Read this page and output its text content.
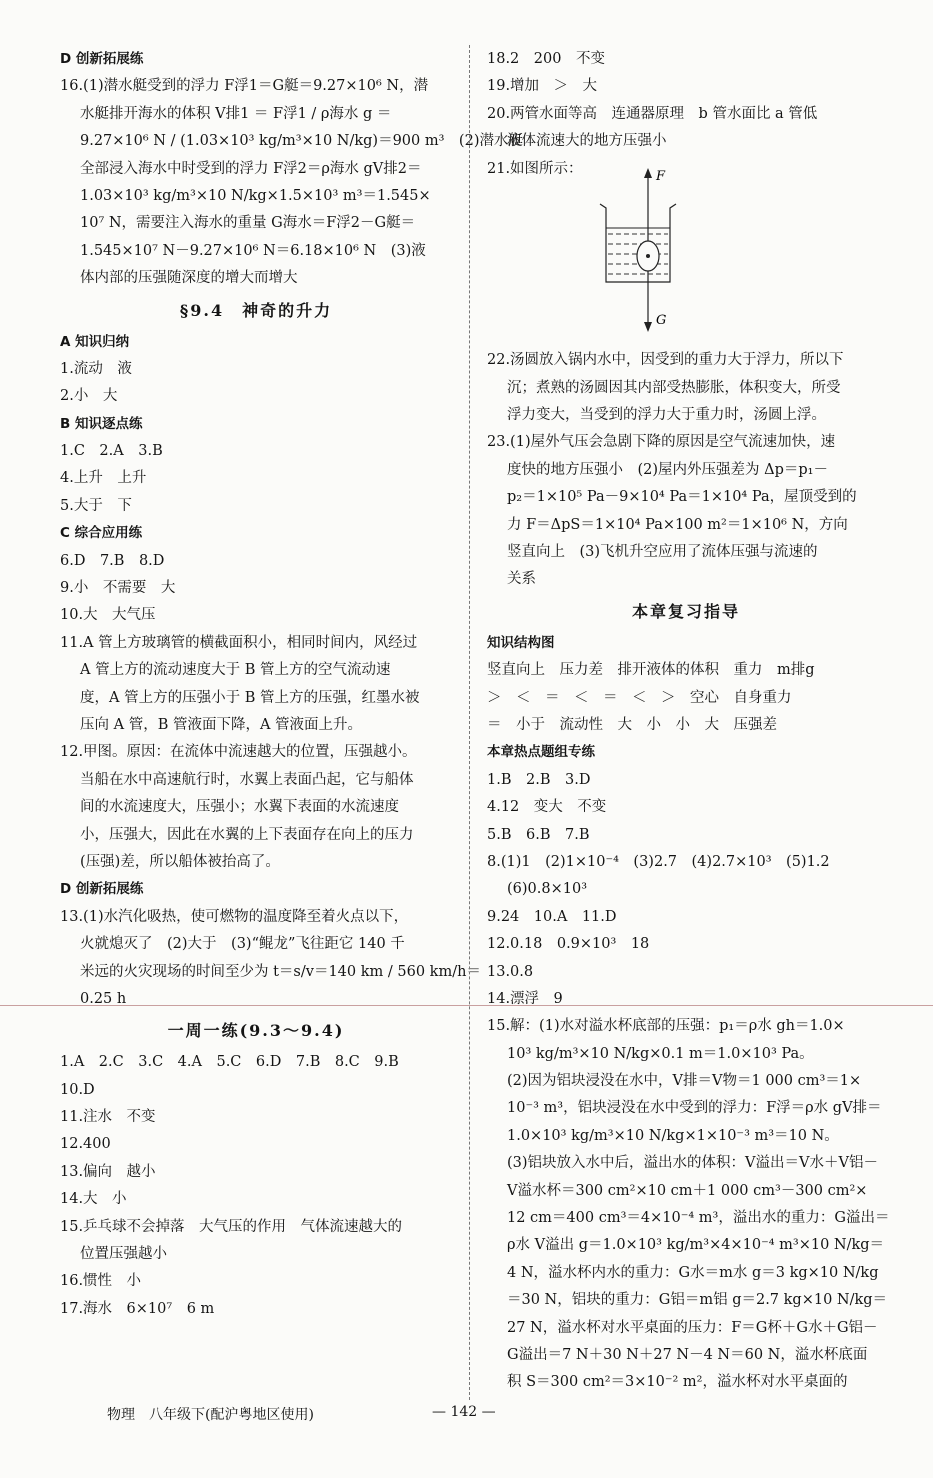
D 创新拓展练
16.(1)潜水艇受到的浮力 F浮1＝G艇＝9.27×10⁶ N，潜
水艇排开海水的体积 V排1 ＝ F浮1 / ρ海水 g ＝
9.27×10⁶ N / (1.03×10³ kg/m³×10 N/kg)＝900 m³　(2)潜水艇
全部浸入海水中时受到的浮力 F浮2＝ρ海水 gV排2＝
1.03×10³ kg/m³×10 N/kg×1.5×10³ m³＝1.545×
10⁷ N，需要注入海水的重量 G海水＝F浮2－G艇＝
1.545×10⁷ N－9.27×10⁶ N＝6.18×10⁶ N　(3)液
体内部的压强随深度的增大而增大
§9.4　神奇的升力
A 知识归纳
1.流动　液
2.小　大
B 知识逐点练
1.C　2.A　3.B
4.上升　上升
5.大于　下
C 综合应用练
6.D　7.B　8.D
9.小　不需要　大
10.大　大气压
11.A 管上方玻璃管的横截面积小，相同时间内，风经过
A 管上方的流动速度大于 B 管上方的空气流动速
度，A 管上方的压强小于 B 管上方的压强，红墨水被
压向 A 管，B 管液面下降，A 管液面上升。
12.甲图。原因：在流体中流速越大的位置，压强越小。
当船在水中高速航行时，水翼上表面凸起，它与船体
间的水流速度大，压强小；水翼下表面的水流速度
小，压强大，因此在水翼的上下表面存在向上的压力
(压强)差，所以船体被抬高了。
D 创新拓展练
13.(1)水汽化吸热，使可燃物的温度降至着火点以下，
火就熄灭了　(2)大于　(3)“鲲龙”飞往距它 140 千
米远的火灾现场的时间至少为 t＝s/v＝140 km / 560 km/h＝
0.25 h
一周一练(9.3～9.4)
1.A　2.C　3.C　4.A　5.C　6.D　7.B　8.C　9.B
10.D
11.注水　不变
12.400
13.偏向　越小
14.大　小
15.乒乓球不会掉落　大气压的作用　气体流速越大的
位置压强越小
16.惯性　小
17.海水　6×10⁷　6 m
18.2　200　不变
19.增加　＞　大
20.两管水面等高　连通器原理　b 管水面比 a 管低
液体流速大的地方压强小
21.如图所示：
22.汤圆放入锅内水中，因受到的重力大于浮力，所以下
沉；煮熟的汤圆因其内部受热膨胀，体积变大，所受
浮力变大，当受到的浮力大于重力时，汤圆上浮。
23.(1)屋外气压会急剧下降的原因是空气流速加快，速
度快的地方压强小　(2)屋内外压强差为 Δp＝p₁－
p₂＝1×10⁵ Pa－9×10⁴ Pa＝1×10⁴ Pa，屋顶受到的
力 F＝ΔpS＝1×10⁴ Pa×100 m²＝1×10⁶ N，方向
竖直向上　(3)飞机升空应用了流体压强与流速的
关系
本章复习指导
知识结构图
竖直向上　压力差　排开液体的体积　重力　m排g
＞　＜　＝　＜　＝　＜　＞　空心　自身重力
＝　小于　流动性　大　小　小　大　压强差
本章热点题组专练
1.B　2.B　3.D
4.12　变大　不变
5.B　6.B　7.B
8.(1)1　(2)1×10⁻⁴　(3)2.7　(4)2.7×10³　(5)1.2
(6)0.8×10³
9.24　10.A　11.D
12.0.18　0.9×10³　18
13.0.8
14.漂浮　9
15.解：(1)水对溢水杯底部的压强：p₁＝ρ水 gh＝1.0×
10³ kg/m³×10 N/kg×0.1 m＝1.0×10³ Pa。
(2)因为铝块浸没在水中，V排＝V物＝1 000 cm³＝1×
10⁻³ m³，铝块浸没在水中受到的浮力：F浮＝ρ水 gV排＝
1.0×10³ kg/m³×10 N/kg×1×10⁻³ m³＝10 N。
(3)铝块放入水中后，溢出水的体积：V溢出＝V水＋V铝－
V溢水杯＝300 cm²×10 cm＋1 000 cm³－300 cm²×
12 cm＝400 cm³＝4×10⁻⁴ m³，溢出水的重力：G溢出＝
ρ水 V溢出 g＝1.0×10³ kg/m³×4×10⁻⁴ m³×10 N/kg＝
4 N，溢水杯内水的重力：G水＝m水 g＝3 kg×10 N/kg
＝30 N，铝块的重力：G铝＝m铝 g＝2.7 kg×10 N/kg＝
27 N，溢水杯对水平桌面的压力：F＝G杯＋G水＋G铝－
G溢出＝7 N＋30 N＋27 N－4 N＝60 N，溢水杯底面
积 S＝300 cm²＝3×10⁻² m²，溢水杯对水平桌面的
F
G
物理　八年级下(配沪粤地区使用)	— 142 —
